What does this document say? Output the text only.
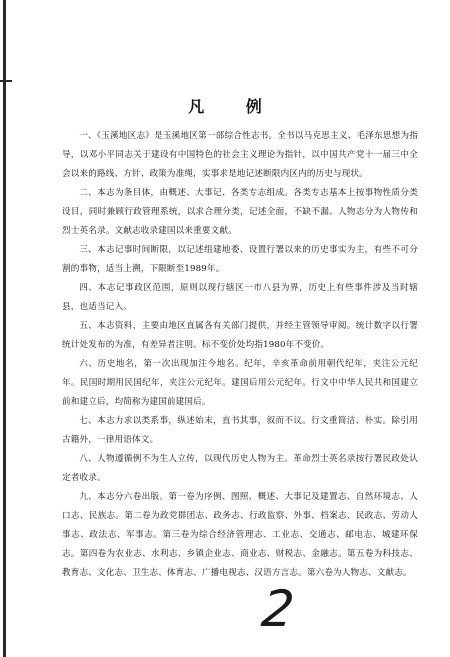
凡 例

一、《玉溪地区志》是玉溪地区第一部综合性志书。全书以马克思主义、毛泽东思想为指导，以邓小平同志关于建设有中国特色的社会主义理论为指针，以中国共产党十一届三中全会以来的路线、方针、政策为准绳，实事求是地记述断限内区内的历史与现状。

二、本志为条目体，由概述、大事记、各类专志组成。各类专志基本上按事物性质分类设目，同时兼顾行政管理系统，以求合理分类，记述全面，不缺不漏。人物志分为人物传和烈士英名录。文献志收录建国以来重要文献。

三、本志记事时间断限，以记述组建地委、设置行署以来的历史事实为主，有些不可分割的事物，适当上溯，下限断至1989年。

四、本志记事政区范围，原则以现行辖区一市八县为界，历史上有些事件涉及当时辖县，也适当记入。

五、本志资料，主要由地区直属各有关部门提供，并经主管领导审阅。统计数字以行署统计处发布的为准，有差异者注明。标不变价处均指1980年不变价。

六、历史地名，第一次出现加注今地名。纪年，辛亥革命前用朝代纪年，夹注公元纪年。民国时期用民国纪年，夹注公元纪年。建国后用公元纪年。行文中中华人民共和国建立前和建立后，均简称为建国前建国后。

七、本志力求以类系事，纵述始末，直书其事，叙而不议。行文重简洁、朴实。除引用古籍外，一律用语体文。

八、人物遵循例不为生人立传，以现代历史人物为主。革命烈士英名录按行署民政处认定者收录。

九、本志分六卷出版。第一卷为序例、图照、概述、大事记及建置志、自然环境志、人口志、民族志。第二卷为政党群团志、政务志、行政监察、外事、档案志、民政志、劳动人事志、政法志、军事志。第三卷为综合经济管理志、工业志、交通志、邮电志、城建环保志。第四卷为农业志、水利志、乡镇企业志、商业志、财税志、金融志。第五卷为科技志、教育志、文化志、卫生志、体育志、广播电视志、汉语方言志。第六卷为人物志、文献志。

2
